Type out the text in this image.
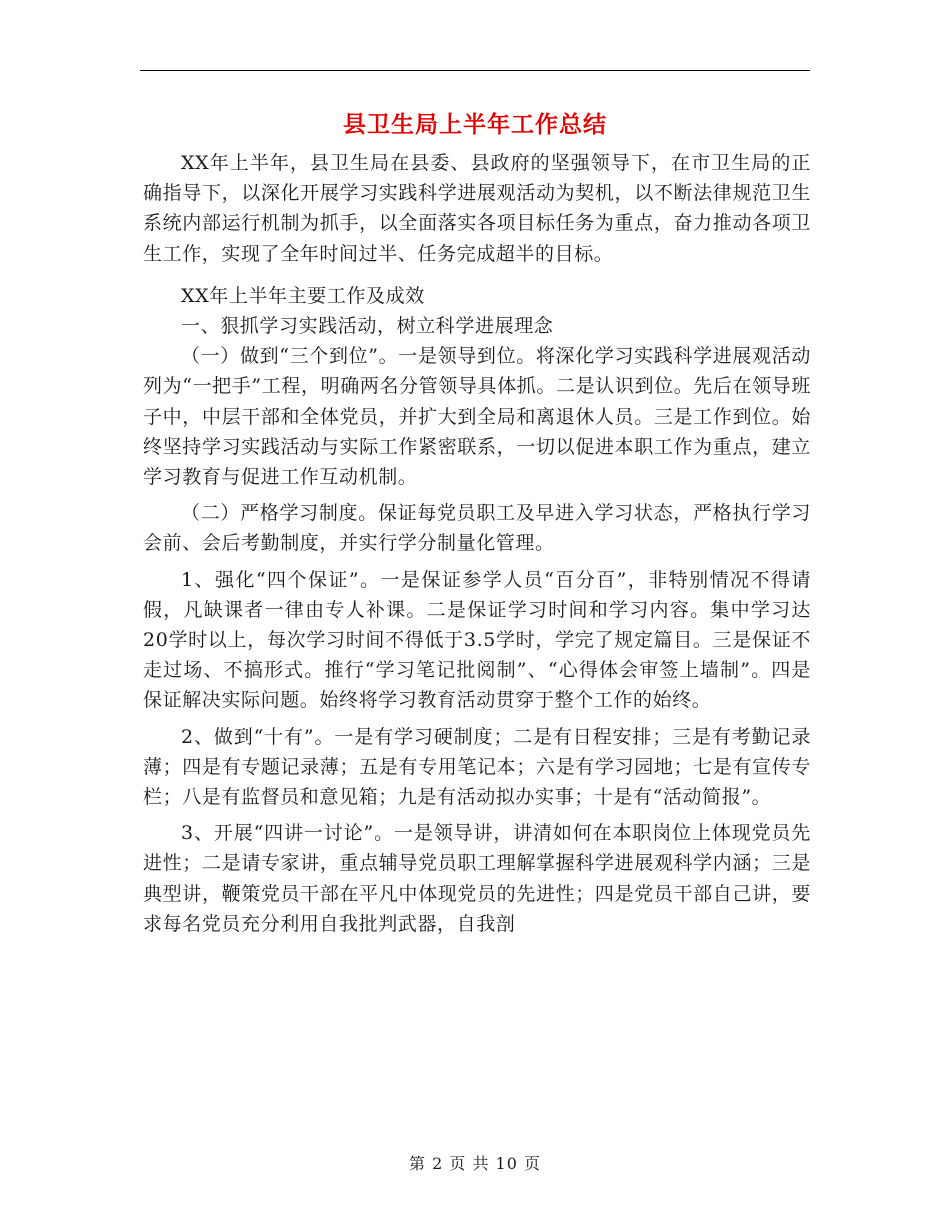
县卫生局上半年工作总结

XX年上半年，县卫生局在县委、县政府的坚强领导下，在市卫生局的正确指导下，以深化开展学习实践科学进展观活动为契机，以不断法律规范卫生系统内部运行机制为抓手，以全面落实各项目标任务为重点，奋力推动各项卫生工作，实现了全年时间过半、任务完成超半的目标。

XX年上半年主要工作及成效

一、狠抓学习实践活动，树立科学进展理念

（一）做到“三个到位”。一是领导到位。将深化学习实践科学进展观活动列为“一把手”工程，明确两名分管领导具体抓。二是认识到位。先后在领导班子中，中层干部和全体党员，并扩大到全局和离退休人员。三是工作到位。始终坚持学习实践活动与实际工作紧密联系，一切以促进本职工作为重点，建立学习教育与促进工作互动机制。

（二）严格学习制度。保证每党员职工及早进入学习状态，严格执行学习会前、会后考勤制度，并实行学分制量化管理。

1、强化“四个保证”。一是保证参学人员“百分百”，非特别情况不得请假，凡缺课者一律由专人补课。二是保证学习时间和学习内容。集中学习达20学时以上，每次学习时间不得低于3.5学时，学完了规定篇目。三是保证不走过场、不搞形式。推行“学习笔记批阅制”、“心得体会审签上墙制”。四是保证解决实际问题。始终将学习教育活动贯穿于整个工作的始终。

2、做到“十有”。一是有学习硬制度；二是有日程安排；三是有考勤记录薄；四是有专题记录薄；五是有专用笔记本；六是有学习园地；七是有宣传专栏；八是有监督员和意见箱；九是有活动拟办实事；十是有“活动简报”。

3、开展“四讲一讨论”。一是领导讲，讲清如何在本职岗位上体现党员先进性；二是请专家讲，重点辅导党员职工理解掌握科学进展观科学内涵；三是典型讲，鞭策党员干部在平凡中体现党员的先进性；四是党员干部自己讲，要求每名党员充分利用自我批判武器，自我剖

第 2 页 共 10 页
